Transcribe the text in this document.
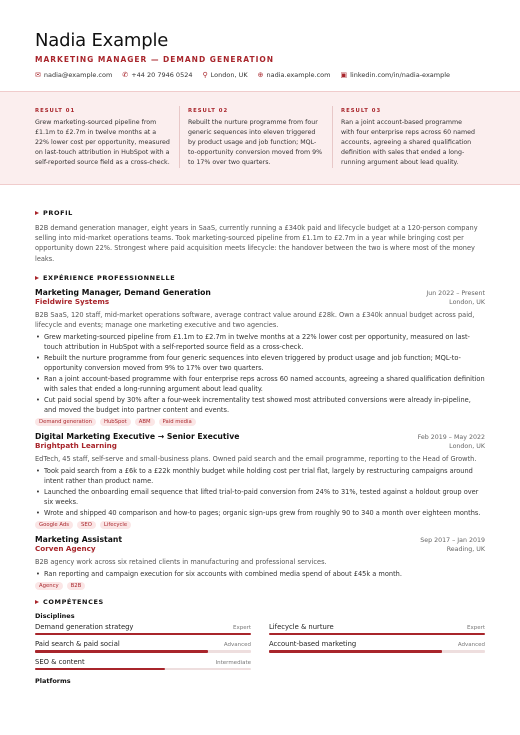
Nadia Example
MARKETING MANAGER — DEMAND GENERATION
✉ nadia@example.com ✆ +44 20 7946 0524 ⚲ London, UK ⊕ nadia.example.com ▣ linkedin.com/in/nadia-example
RESULT 01
Grew marketing-sourced pipeline from £1.1m to £2.7m in twelve months at a 22% lower cost per opportunity, measured on last-touch attribution in HubSpot with a self-reported source field as a cross-check.
RESULT 02
Rebuilt the nurture programme from four generic sequences into eleven triggered by product usage and job function; MQL-to-opportunity conversion moved from 9% to 17% over two quarters.
RESULT 03
Ran a joint account-based programme with four enterprise reps across 60 named accounts, agreeing a shared qualification definition with sales that ended a long-running argument about lead quality.
PROFIL
B2B demand generation manager, eight years in SaaS, currently running a £340k paid and lifecycle budget at a 120-person company selling into mid-market operations teams. Took marketing-sourced pipeline from £1.1m to £2.7m in a year while bringing cost per opportunity down 22%. Strongest where paid acquisition meets lifecycle: the handover between the two is where most of the money leaks.
EXPÉRIENCE PROFESSIONNELLE
Marketing Manager, Demand Generation	Jun 2022 – Present
Fieldwire Systems	London, UK
B2B SaaS, 120 staff, mid-market operations software, average contract value around £28k. Own a £340k annual budget across paid, lifecycle and events; manage one marketing executive and two agencies.
• Grew marketing-sourced pipeline from £1.1m to £2.7m in twelve months at a 22% lower cost per opportunity, measured on last-touch attribution in HubSpot with a self-reported source field as a cross-check.
• Rebuilt the nurture programme from four generic sequences into eleven triggered by product usage and job function; MQL-to-opportunity conversion moved from 9% to 17% over two quarters.
• Ran a joint account-based programme with four enterprise reps across 60 named accounts, agreeing a shared qualification definition with sales that ended a long-running argument about lead quality.
• Cut paid social spend by 30% after a four-week incrementality test showed most attributed conversions were already in-pipeline, and moved the budget into partner content and events.
Demand generation	HubSpot	ABM	Paid media
Digital Marketing Executive → Senior Executive	Feb 2019 – May 2022
Brightpath Learning	London, UK
EdTech, 45 staff, self-serve and small-business plans. Owned paid search and the email programme, reporting to the Head of Growth.
• Took paid search from a £6k to a £22k monthly budget while holding cost per trial flat, largely by restructuring campaigns around intent rather than product name.
• Launched the onboarding email sequence that lifted trial-to-paid conversion from 24% to 31%, tested against a holdout group over six weeks.
• Wrote and shipped 40 comparison and how-to pages; organic sign-ups grew from roughly 90 to 340 a month over eighteen months.
Google Ads	SEO	Lifecycle
Marketing Assistant	Sep 2017 – Jan 2019
Corven Agency	Reading, UK
B2B agency work across six retained clients in manufacturing and professional services.
• Ran reporting and campaign execution for six accounts with combined media spend of about £45k a month.
Agency	B2B
COMPÉTENCES
Disciplines
Demand generation strategy	Expert	Lifecycle & nurture	Expert
Paid search & paid social	Advanced	Account-based marketing	Advanced
SEO & content	Intermediate
Platforms
